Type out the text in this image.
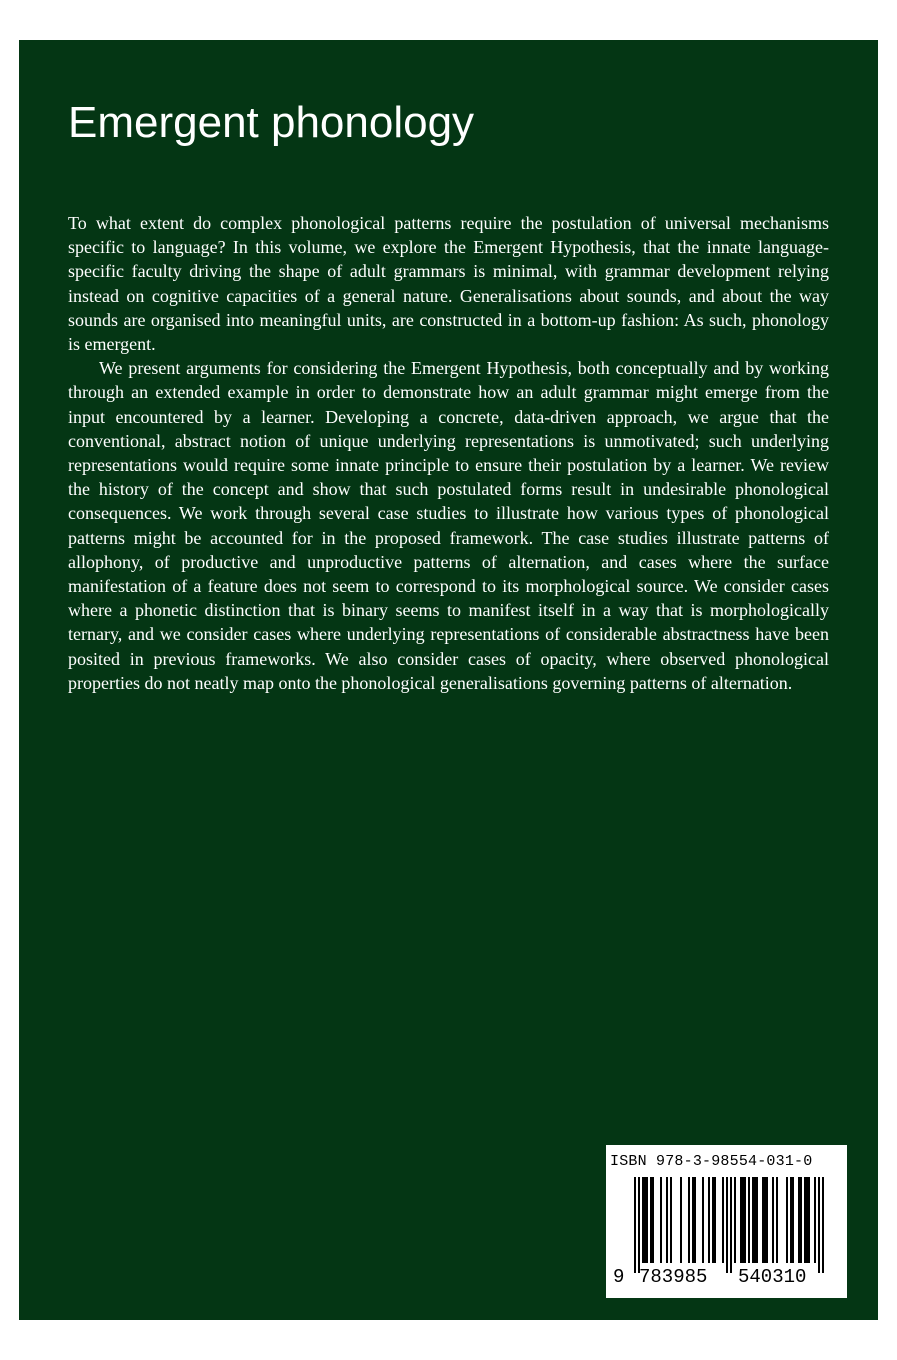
Emergent phonology

To what extent do complex phonological patterns require the postulation of universal mechanisms specific to language? In this volume, we explore the Emergent Hypothesis, that the innate language-specific faculty driving the shape of adult grammars is minimal, with grammar development relying instead on cognitive capacities of a general nature. Generalisations about sounds, and about the way sounds are organised into meaningful units, are constructed in a bottom-up fashion: As such, phonology is emergent.

We present arguments for considering the Emergent Hypothesis, both conceptually and by working through an extended example in order to demonstrate how an adult grammar might emerge from the input encountered by a learner. Developing a concrete, data-driven approach, we argue that the conventional, abstract notion of unique underlying representations is unmotivated; such underlying representations would require some innate principle to ensure their postulation by a learner. We review the history of the concept and show that such postulated forms result in undesirable phonological consequences. We work through several case studies to illustrate how various types of phonological patterns might be accounted for in the proposed framework. The case studies illustrate patterns of allophony, of productive and unproductive patterns of alternation, and cases where the surface manifestation of a feature does not seem to correspond to its morphological source. We consider cases where a phonetic distinction that is binary seems to manifest itself in a way that is morphologically ternary, and we consider cases where underlying representations of considerable abstractness have been posited in previous frameworks. We also consider cases of opacity, where observed phonological properties do not neatly map onto the phonological generalisations governing patterns of alternation.

ISBN 978-3-98554-031-0
9 783985 540310
